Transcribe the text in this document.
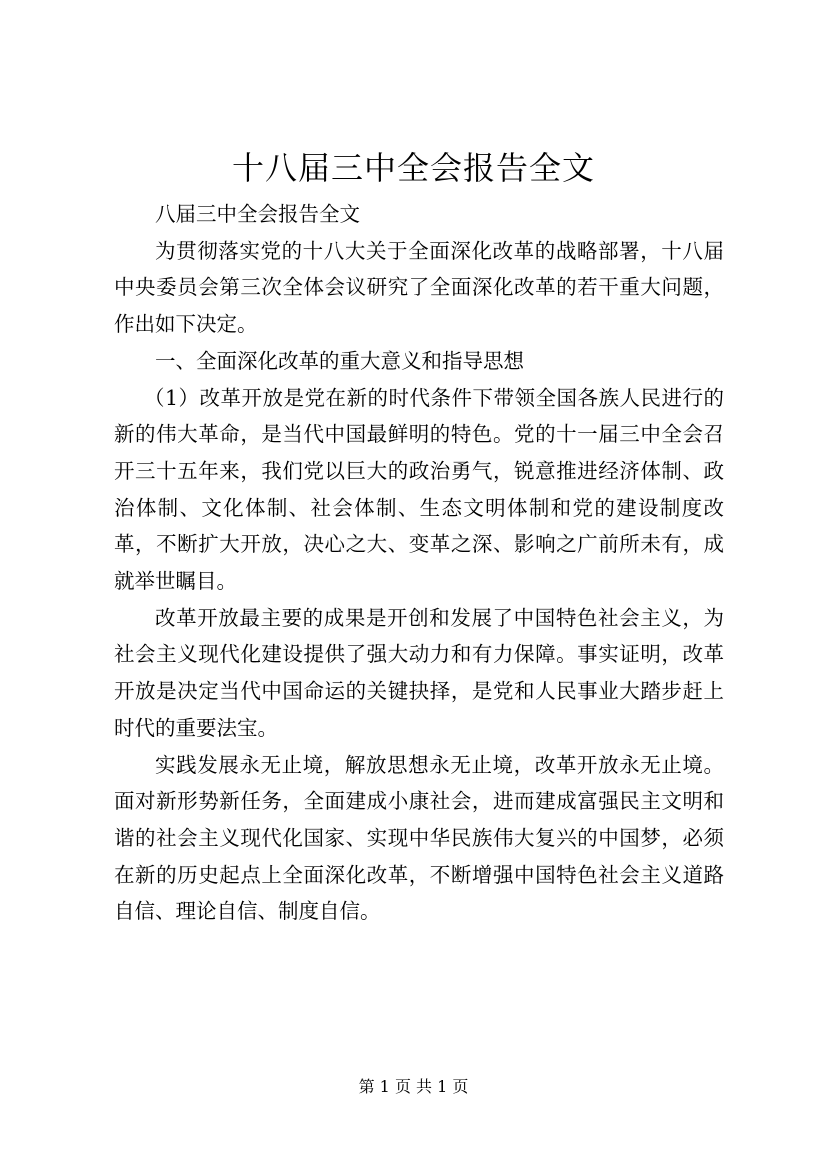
十八届三中全会报告全文

八届三中全会报告全文

为贯彻落实党的十八大关于全面深化改革的战略部署，十八届中央委员会第三次全体会议研究了全面深化改革的若干重大问题，作出如下决定。

一、全面深化改革的重大意义和指导思想

（1）改革开放是党在新的时代条件下带领全国各族人民进行的新的伟大革命，是当代中国最鲜明的特色。党的十一届三中全会召开三十五年来，我们党以巨大的政治勇气，锐意推进经济体制、政治体制、文化体制、社会体制、生态文明体制和党的建设制度改革，不断扩大开放，决心之大、变革之深、影响之广前所未有，成就举世瞩目。

改革开放最主要的成果是开创和发展了中国特色社会主义，为社会主义现代化建设提供了强大动力和有力保障。事实证明，改革开放是决定当代中国命运的关键抉择，是党和人民事业大踏步赶上时代的重要法宝。

实践发展永无止境，解放思想永无止境，改革开放永无止境。面对新形势新任务，全面建成小康社会，进而建成富强民主文明和谐的社会主义现代化国家、实现中华民族伟大复兴的中国梦，必须在新的历史起点上全面深化改革，不断增强中国特色社会主义道路自信、理论自信、制度自信。

第 1 页 共 1 页
